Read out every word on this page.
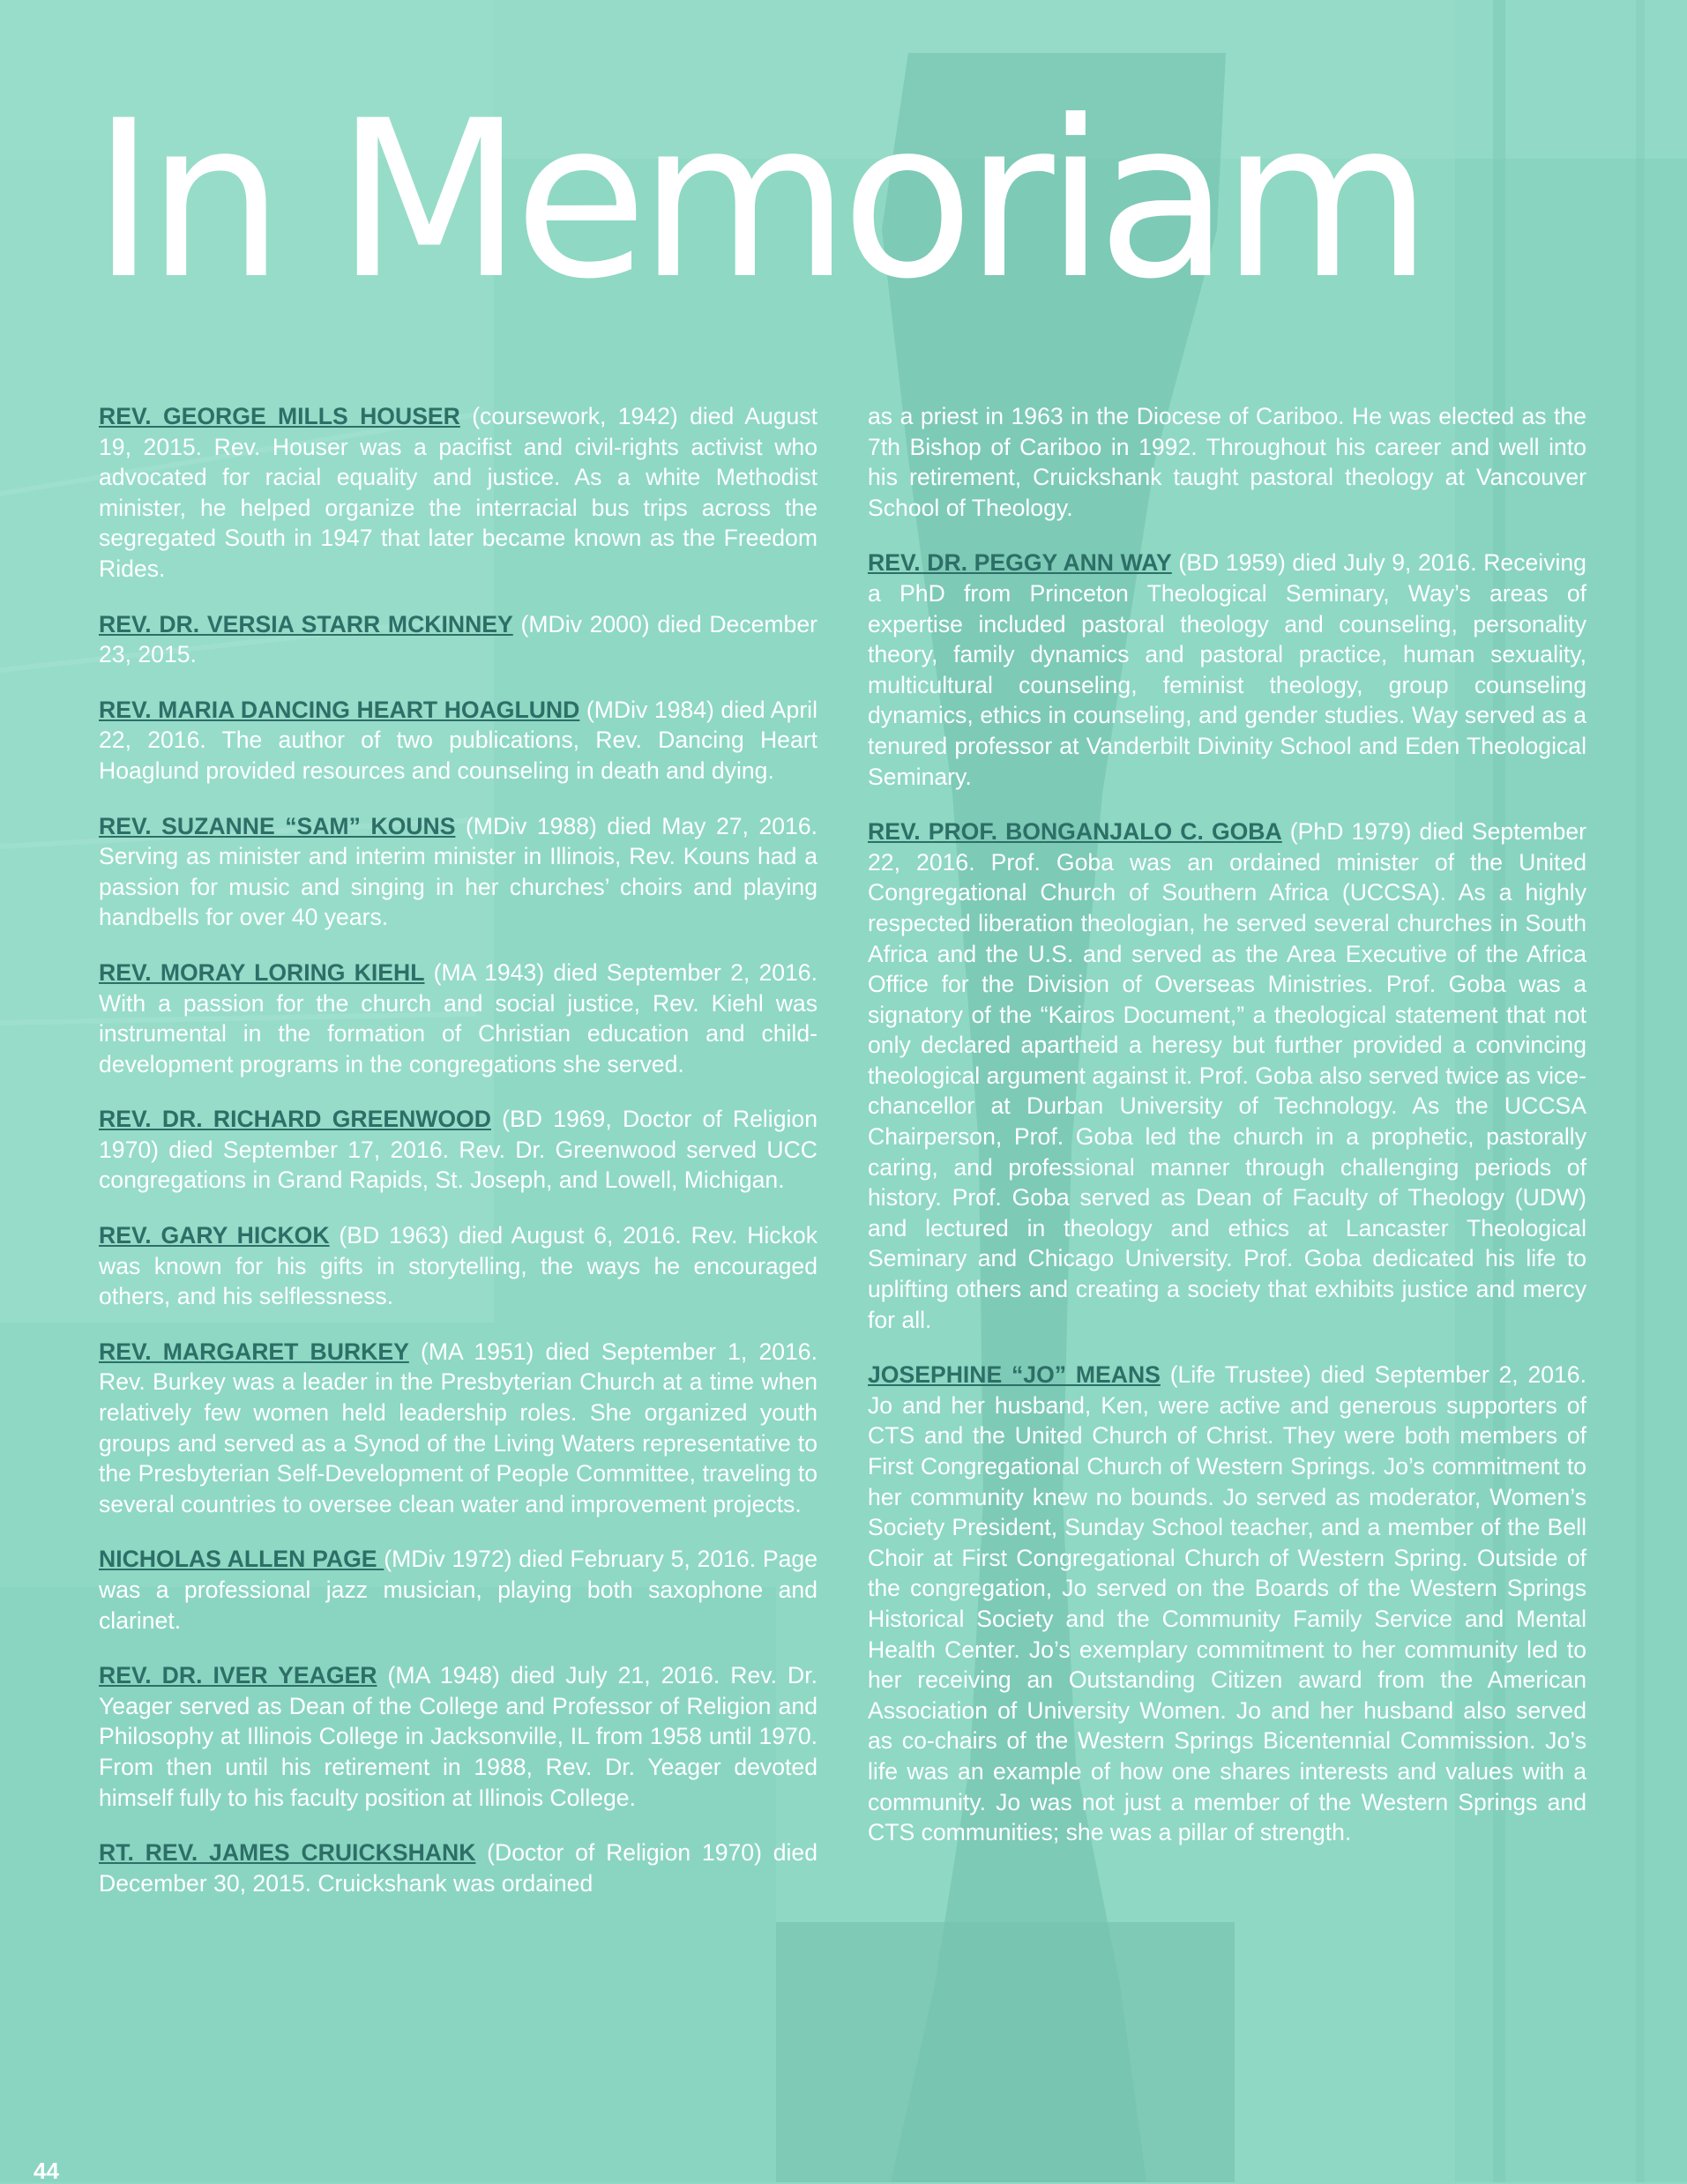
In Memoriam

REV. GEORGE MILLS HOUSER (coursework, 1942) died August 19, 2015. Rev. Houser was a pacifist and civil-rights activist who advocated for racial equality and justice. As a white Methodist minister, he helped organize the interracial bus trips across the segregated South in 1947 that later became known as the Freedom Rides.

REV. DR. VERSIA STARR MCKINNEY (MDiv 2000) died December 23, 2015.

REV. MARIA DANCING HEART HOAGLUND (MDiv 1984) died April 22, 2016. The author of two publications, Rev. Dancing Heart Hoaglund provided resources and counseling in death and dying.

REV. SUZANNE “SAM” KOUNS (MDiv 1988) died May 27, 2016. Serving as minister and interim minister in Illinois, Rev. Kouns had a passion for music and singing in her churches’ choirs and playing handbells for over 40 years.

REV. MORAY LORING KIEHL (MA 1943) died September 2, 2016. With a passion for the church and social justice, Rev. Kiehl was instrumental in the formation of Christian education and child-development programs in the congregations she served.

REV. DR. RICHARD GREENWOOD (BD 1969, Doctor of Religion 1970) died September 17, 2016. Rev. Dr. Greenwood served UCC congregations in Grand Rapids, St. Joseph, and Lowell, Michigan.

REV. GARY HICKOK (BD 1963) died August 6, 2016. Rev. Hickok was known for his gifts in storytelling, the ways he encouraged others, and his selflessness.

REV. MARGARET BURKEY (MA 1951) died September 1, 2016. Rev. Burkey was a leader in the Presbyterian Church at a time when relatively few women held leadership roles. She organized youth groups and served as a Synod of the Living Waters representative to the Presbyterian Self-Development of People Committee, traveling to several countries to oversee clean water and improvement projects.

NICHOLAS ALLEN PAGE (MDiv 1972) died February 5, 2016. Page was a professional jazz musician, playing both saxophone and clarinet.

REV. DR. IVER YEAGER (MA 1948) died July 21, 2016. Rev. Dr. Yeager served as Dean of the College and Professor of Religion and Philosophy at Illinois College in Jacksonville, IL from 1958 until 1970. From then until his retirement in 1988, Rev. Dr. Yeager devoted himself fully to his faculty position at Illinois College.

RT. REV. JAMES CRUICKSHANK (Doctor of Religion 1970) died December 30, 2015. Cruickshank was ordained

as a priest in 1963 in the Diocese of Cariboo. He was elected as the 7th Bishop of Cariboo in 1992. Throughout his career and well into his retirement, Cruickshank taught pastoral theology at Vancouver School of Theology.

REV. DR. PEGGY ANN WAY (BD 1959) died July 9, 2016. Receiving a PhD from Princeton Theological Seminary, Way’s areas of expertise included pastoral theology and counseling, personality theory, family dynamics and pastoral practice, human sexuality, multicultural counseling, feminist theology, group counseling dynamics, ethics in counseling, and gender studies. Way served as a tenured professor at Vanderbilt Divinity School and Eden Theological Seminary.

REV. PROF. BONGANJALO C. GOBA (PhD 1979) died September 22, 2016. Prof. Goba was an ordained minister of the United Congregational Church of Southern Africa (UCCSA). As a highly respected liberation theologian, he served several churches in South Africa and the U.S. and served as the Area Executive of the Africa Office for the Division of Overseas Ministries. Prof. Goba was a signatory of the “Kairos Document,” a theological statement that not only declared apartheid a heresy but further provided a convincing theological argument against it. Prof. Goba also served twice as vice-chancellor at Durban University of Technology. As the UCCSA Chairperson, Prof. Goba led the church in a prophetic, pastorally caring, and professional manner through challenging periods of history. Prof. Goba served as Dean of Faculty of Theology (UDW) and lectured in theology and ethics at Lancaster Theological Seminary and Chicago University. Prof. Goba dedicated his life to uplifting others and creating a society that exhibits justice and mercy for all.

JOSEPHINE “JO” MEANS (Life Trustee) died September 2, 2016. Jo and her husband, Ken, were active and generous supporters of CTS and the United Church of Christ. They were both members of First Congregational Church of Western Springs. Jo’s commitment to her community knew no bounds. Jo served as moderator, Women’s Society President, Sunday School teacher, and a member of the Bell Choir at First Congregational Church of Western Spring. Outside of the congregation, Jo served on the Boards of the Western Springs Historical Society and the Community Family Service and Mental Health Center. Jo’s exemplary commitment to her community led to her receiving an Outstanding Citizen award from the American Association of University Women. Jo and her husband also served as co-chairs of the Western Springs Bicentennial Commission. Jo’s life was an example of how one shares interests and values with a community. Jo was not just a member of the Western Springs and CTS communities; she was a pillar of strength.

44
